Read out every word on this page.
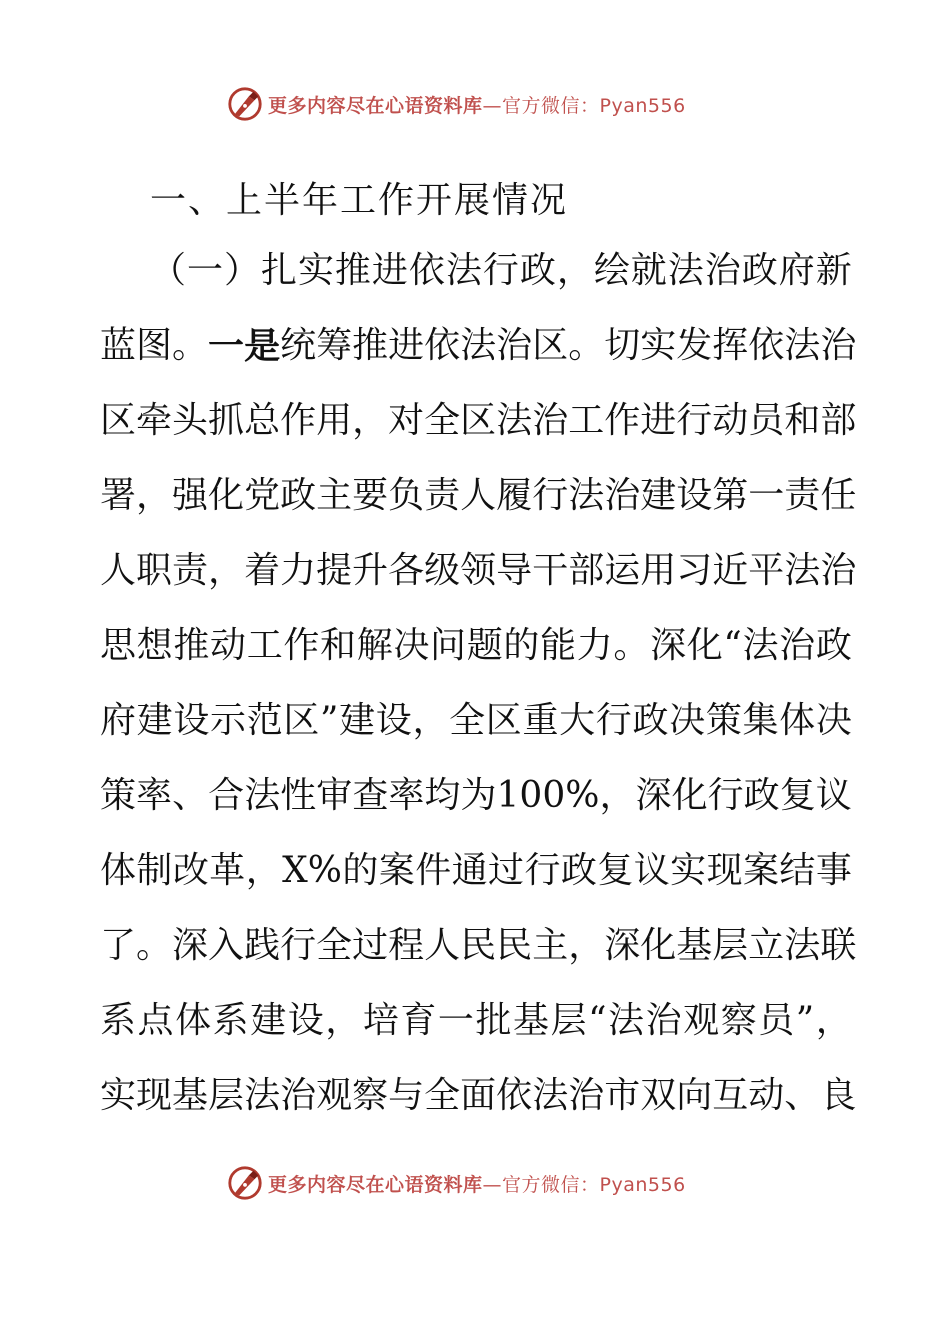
更多内容尽在心语资料库—官方微信：Pyan556
一、上半年工作开展情况
（ 一 ） 扎 实 推 进 依 法 行 政 ， 绘 就 法 治 政 府 新
蓝 图 。 一 是 统 筹 推 进 依 法 治 区 。 切 实 发 挥 依 法 治
区 牵 头 抓 总 作 用 ， 对 全 区 法 治 工 作 进 行 动 员 和 部
署 ， 强 化 党 政 主 要 负 责 人 履 行 法 治 建 设 第 一 责 任
人 职 责 ， 着 力 提 升 各 级 领 导 干 部 运 用 习 近 平 法 治
思 想 推 动 工 作 和 解 决 问 题 的 能 力 。 深 化 “ 法 治 政
府 建 设 示 范 区 ” 建 设 ， 全 区 重 大 行 政 决 策 集 体 决
策 率 、 合 法 性 审 查 率 均 为 100% ， 深 化 行 政 复 议
体 制 改 革 ， X% 的 案 件 通 过 行 政 复 议 实 现 案 结 事
了 。 深 入 践 行 全 过 程 人 民 民 主 ， 深 化 基 层 立 法 联
系 点 体 系 建 设 ， 培 育 一 批 基 层 “ 法 治 观 察 员 ” ，
实 现 基 层 法 治 观 察 与 全 面 依 法 治 市 双 向 互 动 、 良
更多内容尽在心语资料库—官方微信：Pyan556
